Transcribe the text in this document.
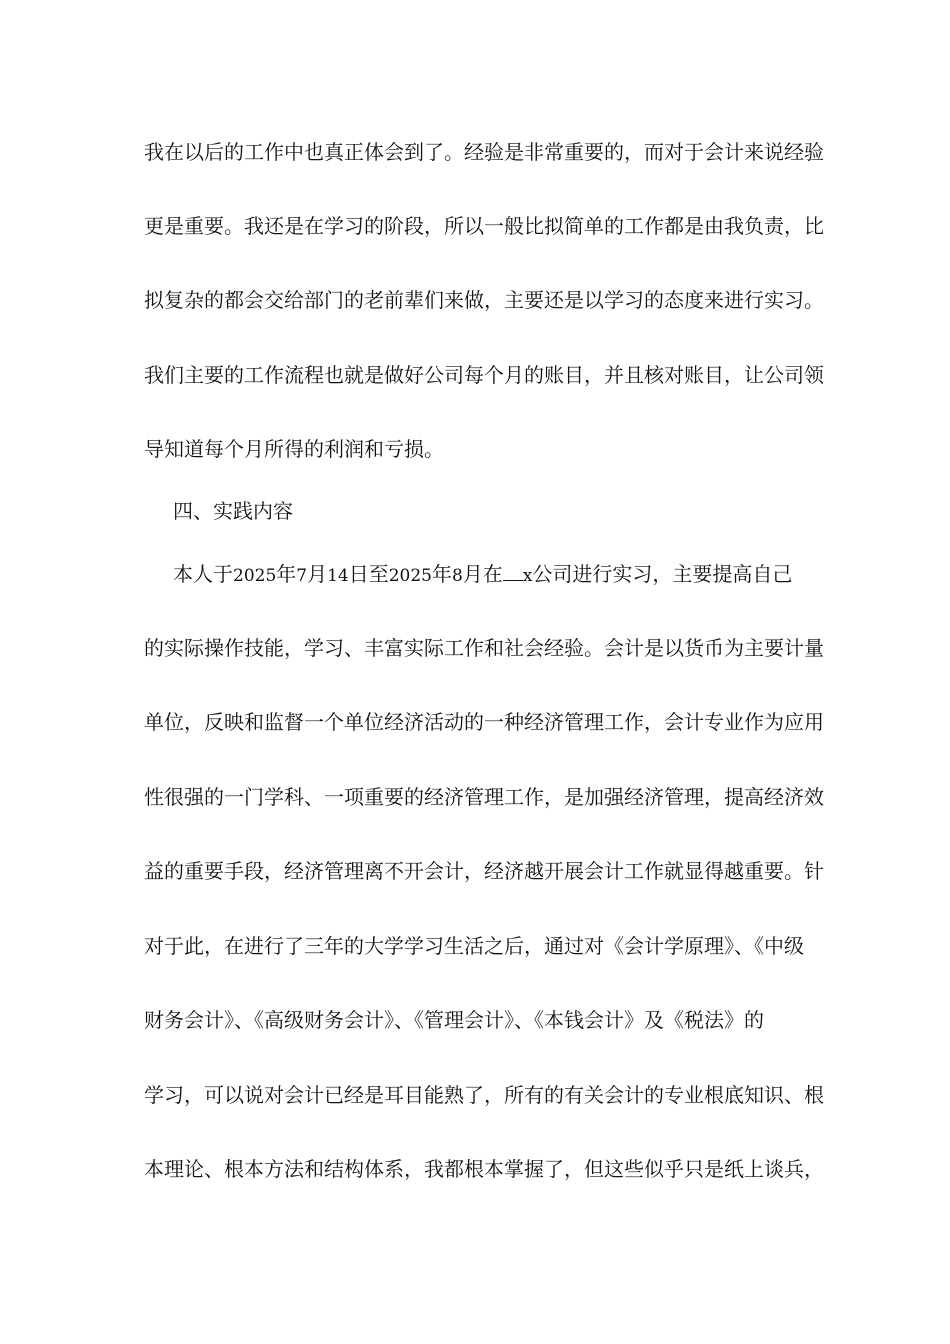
我在以后的工作中也真正体会到了。经验是非常重要的，而对于会计来说经验
更是重要。我还是在学习的阶段，所以一般比拟简单的工作都是由我负责，比
拟复杂的都会交给部门的老前辈们来做，主要还是以学习的态度来进行实习。
我们主要的工作流程也就是做好公司每个月的账目，并且核对账目，让公司领
导知道每个月所得的利润和亏损。
四、实践内容
本人于2025年7月14日至2025年8月在 x公司进行实习，主要提高自己
的实际操作技能，学习、丰富实际工作和社会经验。会计是以货币为主要计量
单位，反映和监督一个单位经济活动的一种经济管理工作，会计专业作为应用
性很强的一门学科、一项重要的经济管理工作，是加强经济管理，提高经济效
益的重要手段，经济管理离不开会计，经济越开展会计工作就显得越重要。针
对于此，在进行了三年的大学学习生活之后，通过对《会计学原理》、《中级
财务会计》、《高级财务会计》、《管理会计》、《本钱会计》及《税法》的
学习，可以说对会计已经是耳目能熟了，所有的有关会计的专业根底知识、根
本理论、根本方法和结构体系，我都根本掌握了，但这些似乎只是纸上谈兵，
